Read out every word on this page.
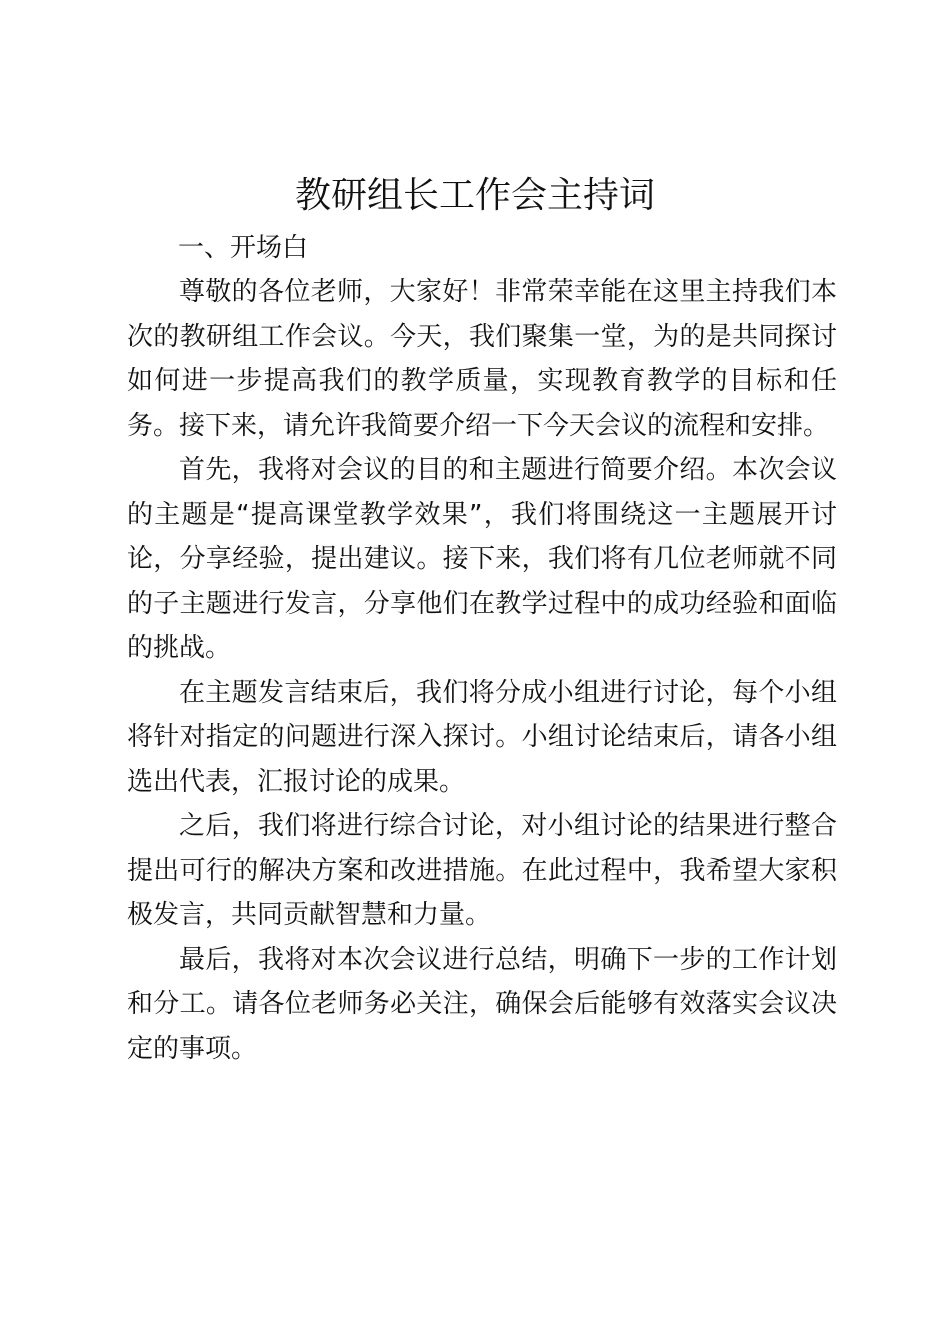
教研组长工作会主持词

一、开场白

尊敬的各位老师，大家好！非常荣幸能在这里主持我们本次的教研组工作会议。今天，我们聚集一堂，为的是共同探讨如何进一步提高我们的教学质量，实现教育教学的目标和任务。接下来，请允许我简要介绍一下今天会议的流程和安排。

首先，我将对会议的目的和主题进行简要介绍。本次会议的主题是“提高课堂教学效果”，我们将围绕这一主题展开讨论，分享经验，提出建议。接下来，我们将有几位老师就不同的子主题进行发言，分享他们在教学过程中的成功经验和面临的挑战。

在主题发言结束后，我们将分成小组进行讨论，每个小组将针对指定的问题进行深入探讨。小组讨论结束后，请各小组选出代表，汇报讨论的成果。

之后，我们将进行综合讨论，对小组讨论的结果进行整合提出可行的解决方案和改进措施。在此过程中，我希望大家积极发言，共同贡献智慧和力量。

最后，我将对本次会议进行总结，明确下一步的工作计划和分工。请各位老师务必关注，确保会后能够有效落实会议决定的事项。
